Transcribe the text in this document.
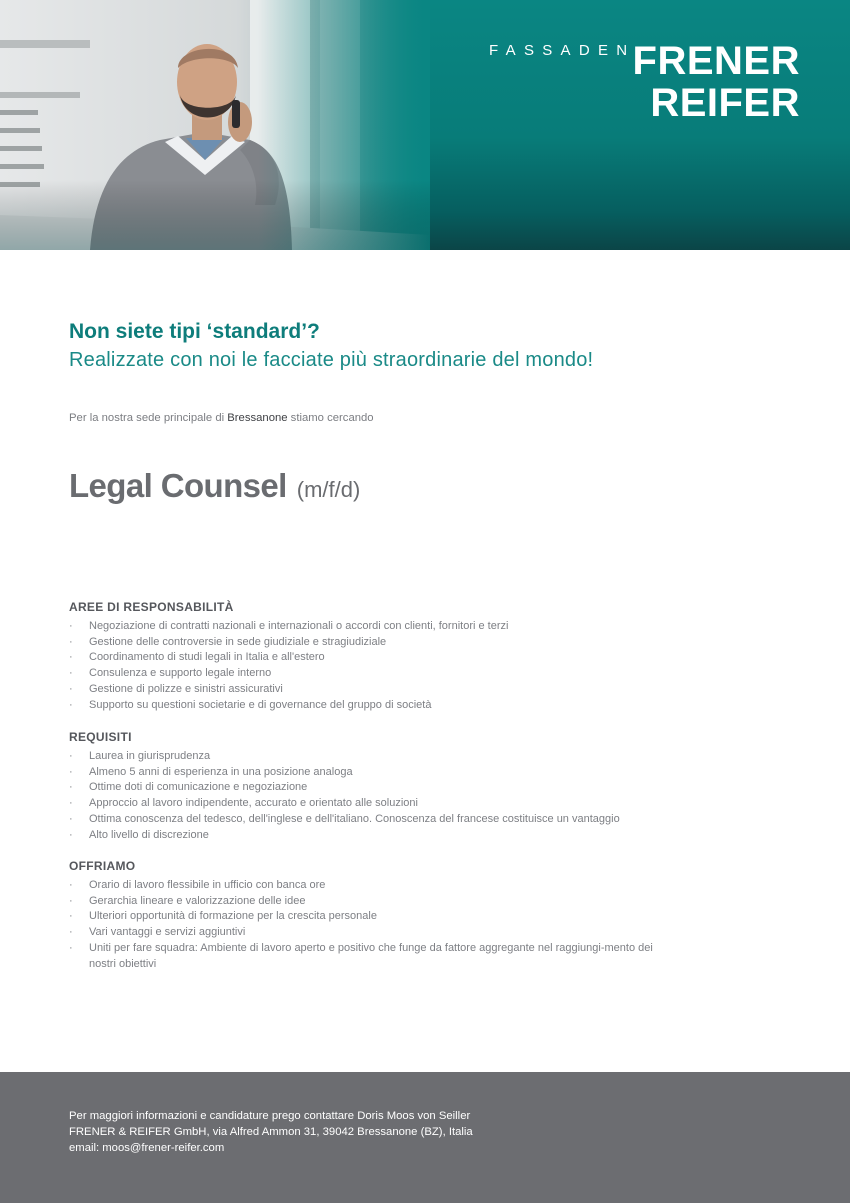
FASSADEN
FRENER
REIFER
Non siete tipi ‘standard’?
Realizzate con noi le facciate più straordinarie del mondo!
Per la nostra sede principale di Bressanone stiamo cercando
Legal Counsel (m/f/d)
AREE DI RESPONSABILITÀ
· Negoziazione di contratti nazionali e internazionali o accordi con clienti, fornitori e terzi
· Gestione delle controversie in sede giudiziale e stragiudiziale
· Coordinamento di studi legali in Italia e all'estero
· Consulenza e supporto legale interno
· Gestione di polizze e sinistri assicurativi
· Supporto su questioni societarie e di governance del gruppo di società
REQUISITI
· Laurea in giurisprudenza
· Almeno 5 anni di esperienza in una posizione analoga
· Ottime doti di comunicazione e negoziazione
· Approccio al lavoro indipendente, accurato e orientato alle soluzioni
· Ottima conoscenza del tedesco, dell'inglese e dell'italiano. Conoscenza del francese costituisce un vantaggio
· Alto livello di discrezione
OFFRIAMO
· Orario di lavoro flessibile in ufficio con banca ore
· Gerarchia lineare e valorizzazione delle idee
· Ulteriori opportunità di formazione per la crescita personale
· Vari vantaggi e servizi aggiuntivi
· Uniti per fare squadra: Ambiente di lavoro aperto e positivo che funge da fattore aggregante nel raggiungi-mento dei nostri obiettivi
Per maggiori informazioni e candidature prego contattare Doris Moos von Seiller
FRENER & REIFER GmbH, via Alfred Ammon 31, 39042 Bressanone (BZ), Italia
email: moos@frener-reifer.com
